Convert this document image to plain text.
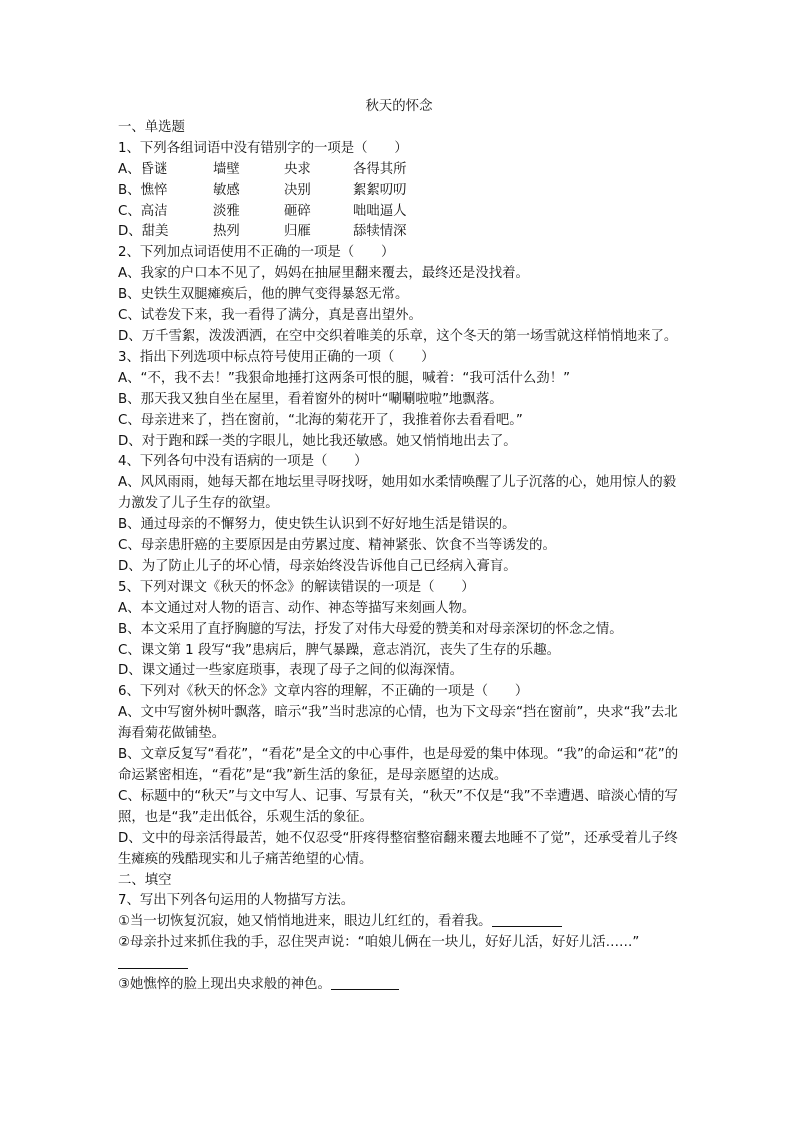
秋天的怀念

一、单选题

1、下列各组词语中没有错别字的一项是（　　）

A、昏谜	墙壁	央求	各得其所

B、憔悴	敏感	决别	絮絮叨叨

C、高洁	淡雅	砸碎	咄咄逼人

D、甜美	热列	归雁	舔犊情深

2、下列加点词语使用不正确的一项是（　　）

A、我家的户口本不见了，妈妈在抽屉里翻来覆去，最终还是没找着。

B、史铁生双腿瘫痪后，他的脾气变得暴怒无常。

C、试卷发下来，我一看得了满分，真是喜出望外。

D、万千雪絮，泼泼洒洒，在空中交织着唯美的乐章，这个冬天的第一场雪就这样悄悄地来了。

3、指出下列选项中标点符号使用正确的一项（　　）

A、“不，我不去！”我狠命地捶打这两条可恨的腿，喊着：“我可活什么劲！”

B、那天我又独自坐在屋里，看着窗外的树叶“唰唰啦啦”地飘落。

C、母亲进来了，挡在窗前，“北海的菊花开了，我推着你去看看吧。”

D、对于跑和踩一类的字眼儿，她比我还敏感。她又悄悄地出去了。

4、下列各句中没有语病的一项是（　　）

A、风风雨雨，她每天都在地坛里寻呀找呀，她用如水柔情唤醒了儿子沉落的心，她用惊人的毅力激发了儿子生存的欲望。

B、通过母亲的不懈努力，使史铁生认识到不好好地生活是错误的。

C、母亲患肝癌的主要原因是由劳累过度、精神紧张、饮食不当等诱发的。

D、为了防止儿子的坏心情，母亲始终没告诉他自己已经病入膏肓。

5、下列对课文《秋天的怀念》的解读错误的一项是（　　）

A、本文通过对人物的语言、动作、神态等描写来刻画人物。

B、本文采用了直抒胸臆的写法，抒发了对伟大母爱的赞美和对母亲深切的怀念之情。

C、课文第 1 段写“我”患病后，脾气暴躁，意志消沉，丧失了生存的乐趣。

D、课文通过一些家庭琐事，表现了母子之间的似海深情。

6、下列对《秋天的怀念》文章内容的理解，不正确的一项是（　　）

A、文中写窗外树叶飘落，暗示“我”当时悲凉的心情，也为下文母亲“挡在窗前”，央求“我”去北海看菊花做铺垫。

B、文章反复写“看花”，“看花”是全文的中心事件，也是母爱的集中体现。“我”的命运和“花”的命运紧密相连，“看花”是“我”新生活的象征，是母亲愿望的达成。

C、标题中的“秋天”与文中写人、记事、写景有关，“秋天”不仅是“我”不幸遭遇、暗淡心情的写照，也是“我”走出低谷，乐观生活的象征。

D、文中的母亲活得最苦，她不仅忍受“肝疼得整宿整宿翻来覆去地睡不了觉”，还承受着儿子终生瘫痪的残酷现实和儿子痛苦绝望的心情。

二、填空

7、写出下列各句运用的人物描写方法。

①当一切恢复沉寂，她又悄悄地进来，眼边儿红红的，看着我。

②母亲扑过来抓住我的手，忍住哭声说：“咱娘儿俩在一块儿，好好儿活，好好儿活……”

③她憔悴的脸上现出央求般的神色。
